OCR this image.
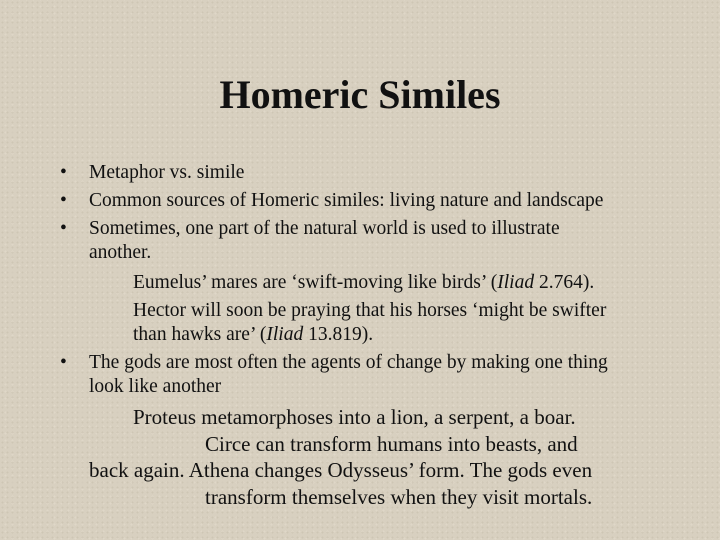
Homeric Similes
• Metaphor vs. simile
• Common sources of Homeric similes: living nature and landscape
• Sometimes, one part of the natural world is used to illustrate
another.
Eumelus’ mares are ‘swift-moving like birds’ (Iliad 2.764).
Hector will soon be praying that his horses ‘might be swifter
than hawks are’ (Iliad 13.819).
• The gods are most often the agents of change by making one thing
look like another
Proteus metamorphoses into a lion, a serpent, a boar.
Circe can transform humans into beasts, and
back again. Athena changes Odysseus’ form. The gods even
transform themselves when they visit mortals.
